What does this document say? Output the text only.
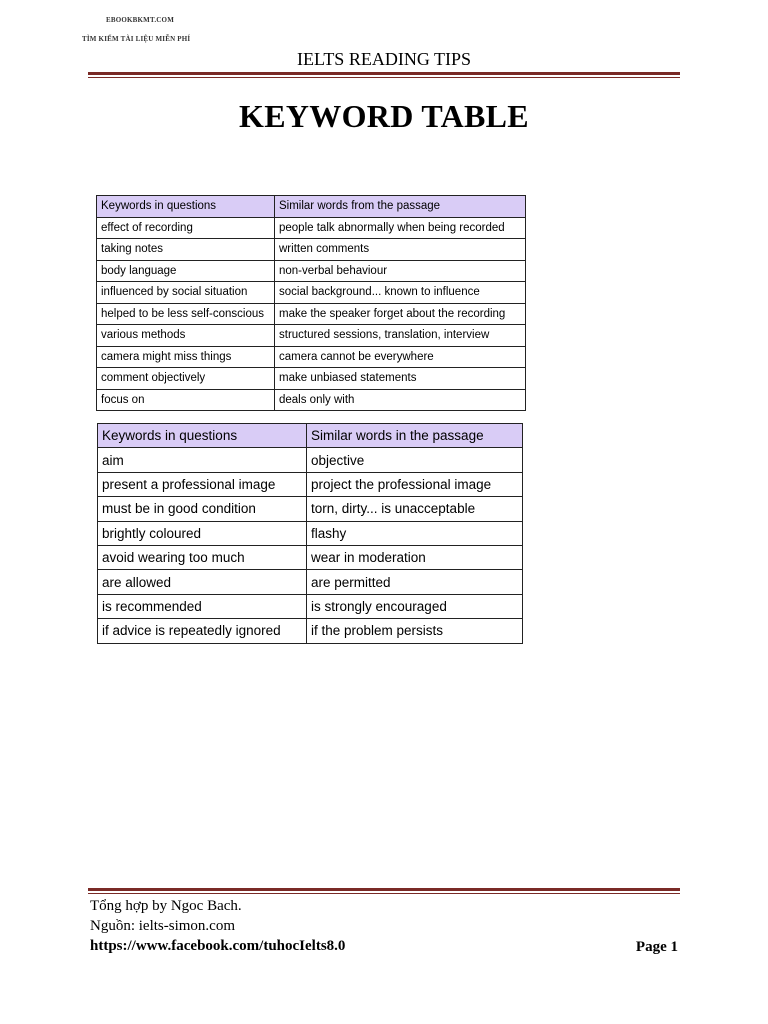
EBOOKBKMT.COM
TÌM KIẾM TÀI LIỆU MIỄN PHÍ
IELTS READING TIPS
KEYWORD TABLE
Keywords in questions	Similar words from the passage
effect of recording	people talk abnormally when being recorded
taking notes	written comments
body language	non-verbal behaviour
influenced by social situation	social background... known to influence
helped to be less self-conscious	make the speaker forget about the recording
various methods	structured sessions, translation, interview
camera might miss things	camera cannot be everywhere
comment objectively	make unbiased statements
focus on	deals only with
Keywords in questions	Similar words in the passage
aim	objective
present a professional image	project the professional image
must be in good condition	torn, dirty... is unacceptable
brightly coloured	flashy
avoid wearing too much	wear in moderation
are allowed	are permitted
is recommended	is strongly encouraged
if advice is repeatedly ignored	if the problem persists
Tổng hợp by Ngoc Bach.
Nguồn: ielts-simon.com
https://www.facebook.com/tuhocIelts8.0	Page 1
